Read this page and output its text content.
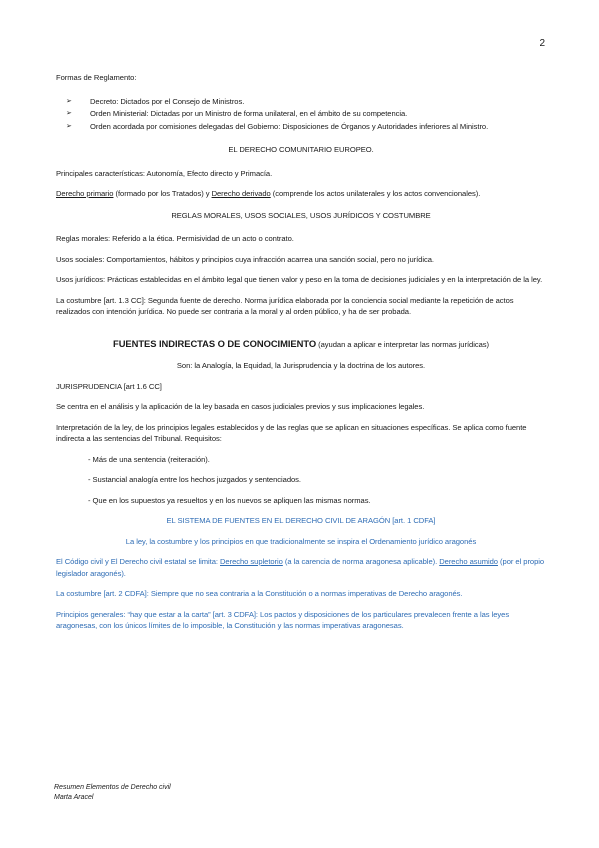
2

Formas de Reglamento:

➢ Decreto: Dictados por el Consejo de Ministros.
➢ Orden Ministerial: Dictadas por un Ministro de forma unilateral, en el ámbito de su competencia.
➢ Orden acordada por comisiones delegadas del Gobierno: Disposiciones de Órganos y Autoridades inferiores al Ministro.

EL DERECHO COMUNITARIO EUROPEO.

Principales características: Autonomía, Efecto directo y Primacía.

Derecho primario (formado por los Tratados) y Derecho derivado (comprende los actos unilaterales y los actos convencionales).

REGLAS MORALES, USOS SOCIALES, USOS JURÍDICOS Y COSTUMBRE

Reglas morales: Referido a la ética. Permisividad de un acto o contrato.

Usos sociales: Comportamientos, hábitos y principios cuya infracción acarrea una sanción social, pero no jurídica.

Usos jurídicos: Prácticas establecidas en el ámbito legal que tienen valor y peso en la toma de decisiones judiciales y en la interpretación de la ley.

La costumbre [art. 1.3 CC]: Segunda fuente de derecho. Norma jurídica elaborada por la conciencia social mediante la repetición de actos realizados con intención jurídica. No puede ser contraria a la moral y al orden público, y ha de ser probada.

FUENTES INDIRECTAS O DE CONOCIMIENTO (ayudan a aplicar e interpretar las normas jurídicas)

Son: la Analogía, la Equidad, la Jurisprudencia y la doctrina de los autores.

JURISPRUDENCIA [art 1.6 CC]

Se centra en el análisis y la aplicación de la ley basada en casos judiciales previos y sus implicaciones legales.

Interpretación de la ley, de los principios legales establecidos y de las reglas que se aplican en situaciones específicas. Se aplica como fuente indirecta a las sentencias del Tribunal. Requisitos:

- Más de una sentencia (reiteración).

- Sustancial analogía entre los hechos juzgados y sentenciados.

- Que en los supuestos ya resueltos y en los nuevos se apliquen las mismas normas.

EL SISTEMA DE FUENTES EN EL DERECHO CIVIL DE ARAGÓN [art. 1 CDFA]

La ley, la costumbre y los principios en que tradicionalmente se inspira el Ordenamiento jurídico aragonés

El Código civil y El Derecho civil estatal se limita: Derecho supletorio (a la carencia de norma aragonesa aplicable). Derecho asumido (por el propio legislador aragonés).

La costumbre [art. 2 CDFA]: Siempre que no sea contraria a la Constitución o a normas imperativas de Derecho aragonés.

Principios generales: “hay que estar a la carta” [art. 3 CDFA]: Los pactos y disposiciones de los particulares prevalecen frente a las leyes aragonesas, con los únicos límites de lo imposible, la Constitución y las normas imperativas aragonesas.

Resumen Elementos de Derecho civil
Marta Aracel
